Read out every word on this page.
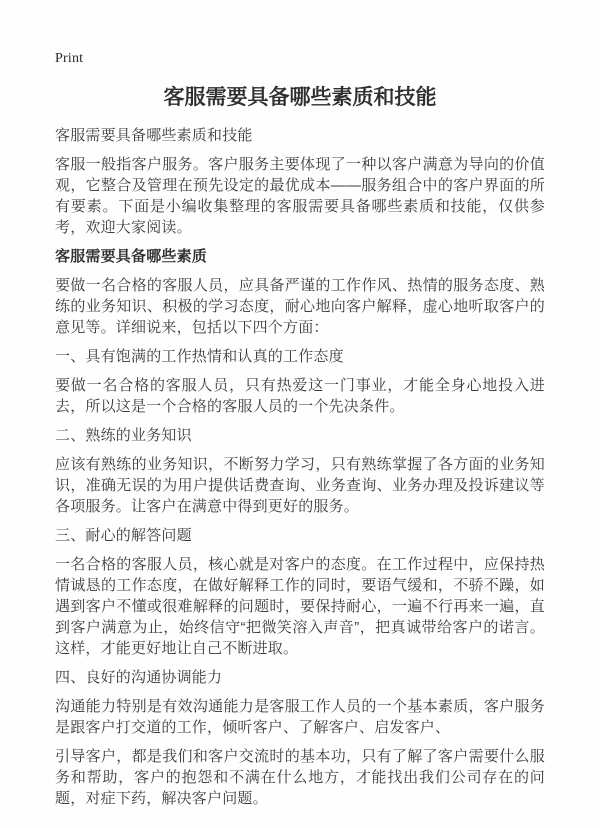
Print

客服需要具备哪些素质和技能

客服需要具备哪些素质和技能

客服一般指客户服务。客户服务主要体现了一种以客户满意为导向的价值观，它整合及管理在预先设定的最优成本——服务组合中的客户界面的所有要素。下面是小编收集整理的客服需要具备哪些素质和技能，仅供参考，欢迎大家阅读。

客服需要具备哪些素质

要做一名合格的客服人员，应具备严谨的工作作风、热情的服务态度、熟练的业务知识、积极的学习态度，耐心地向客户解释，虚心地听取客户的意见等。详细说来，包括以下四个方面：

一、具有饱满的工作热情和认真的工作态度

要做一名合格的客服人员，只有热爱这一门事业，才能全身心地投入进去，所以这是一个合格的客服人员的一个先决条件。

二、熟练的业务知识

应该有熟练的业务知识，不断努力学习，只有熟练掌握了各方面的业务知识，准确无误的为用户提供话费查询、业务查询、业务办理及投诉建议等各项服务。让客户在满意中得到更好的服务。

三、耐心的解答问题

一名合格的客服人员，核心就是对客户的态度。在工作过程中，应保持热情诚恳的工作态度，在做好解释工作的同时，要语气缓和，不骄不躁，如遇到客户不懂或很难解释的问题时，要保持耐心，一遍不行再来一遍，直到客户满意为止，始终信守“把微笑溶入声音”，把真诚带给客户的诺言。这样，才能更好地让自己不断进取。

四、良好的沟通协调能力

沟通能力特别是有效沟通能力是客服工作人员的一个基本素质，客户服务是跟客户打交道的工作，倾听客户、了解客户、启发客户、

引导客户，都是我们和客户交流时的基本功，只有了解了客户需要什么服务和帮助，客户的抱怨和不满在什么地方，才能找出我们公司存在的问题，对症下药，解决客户问题。
